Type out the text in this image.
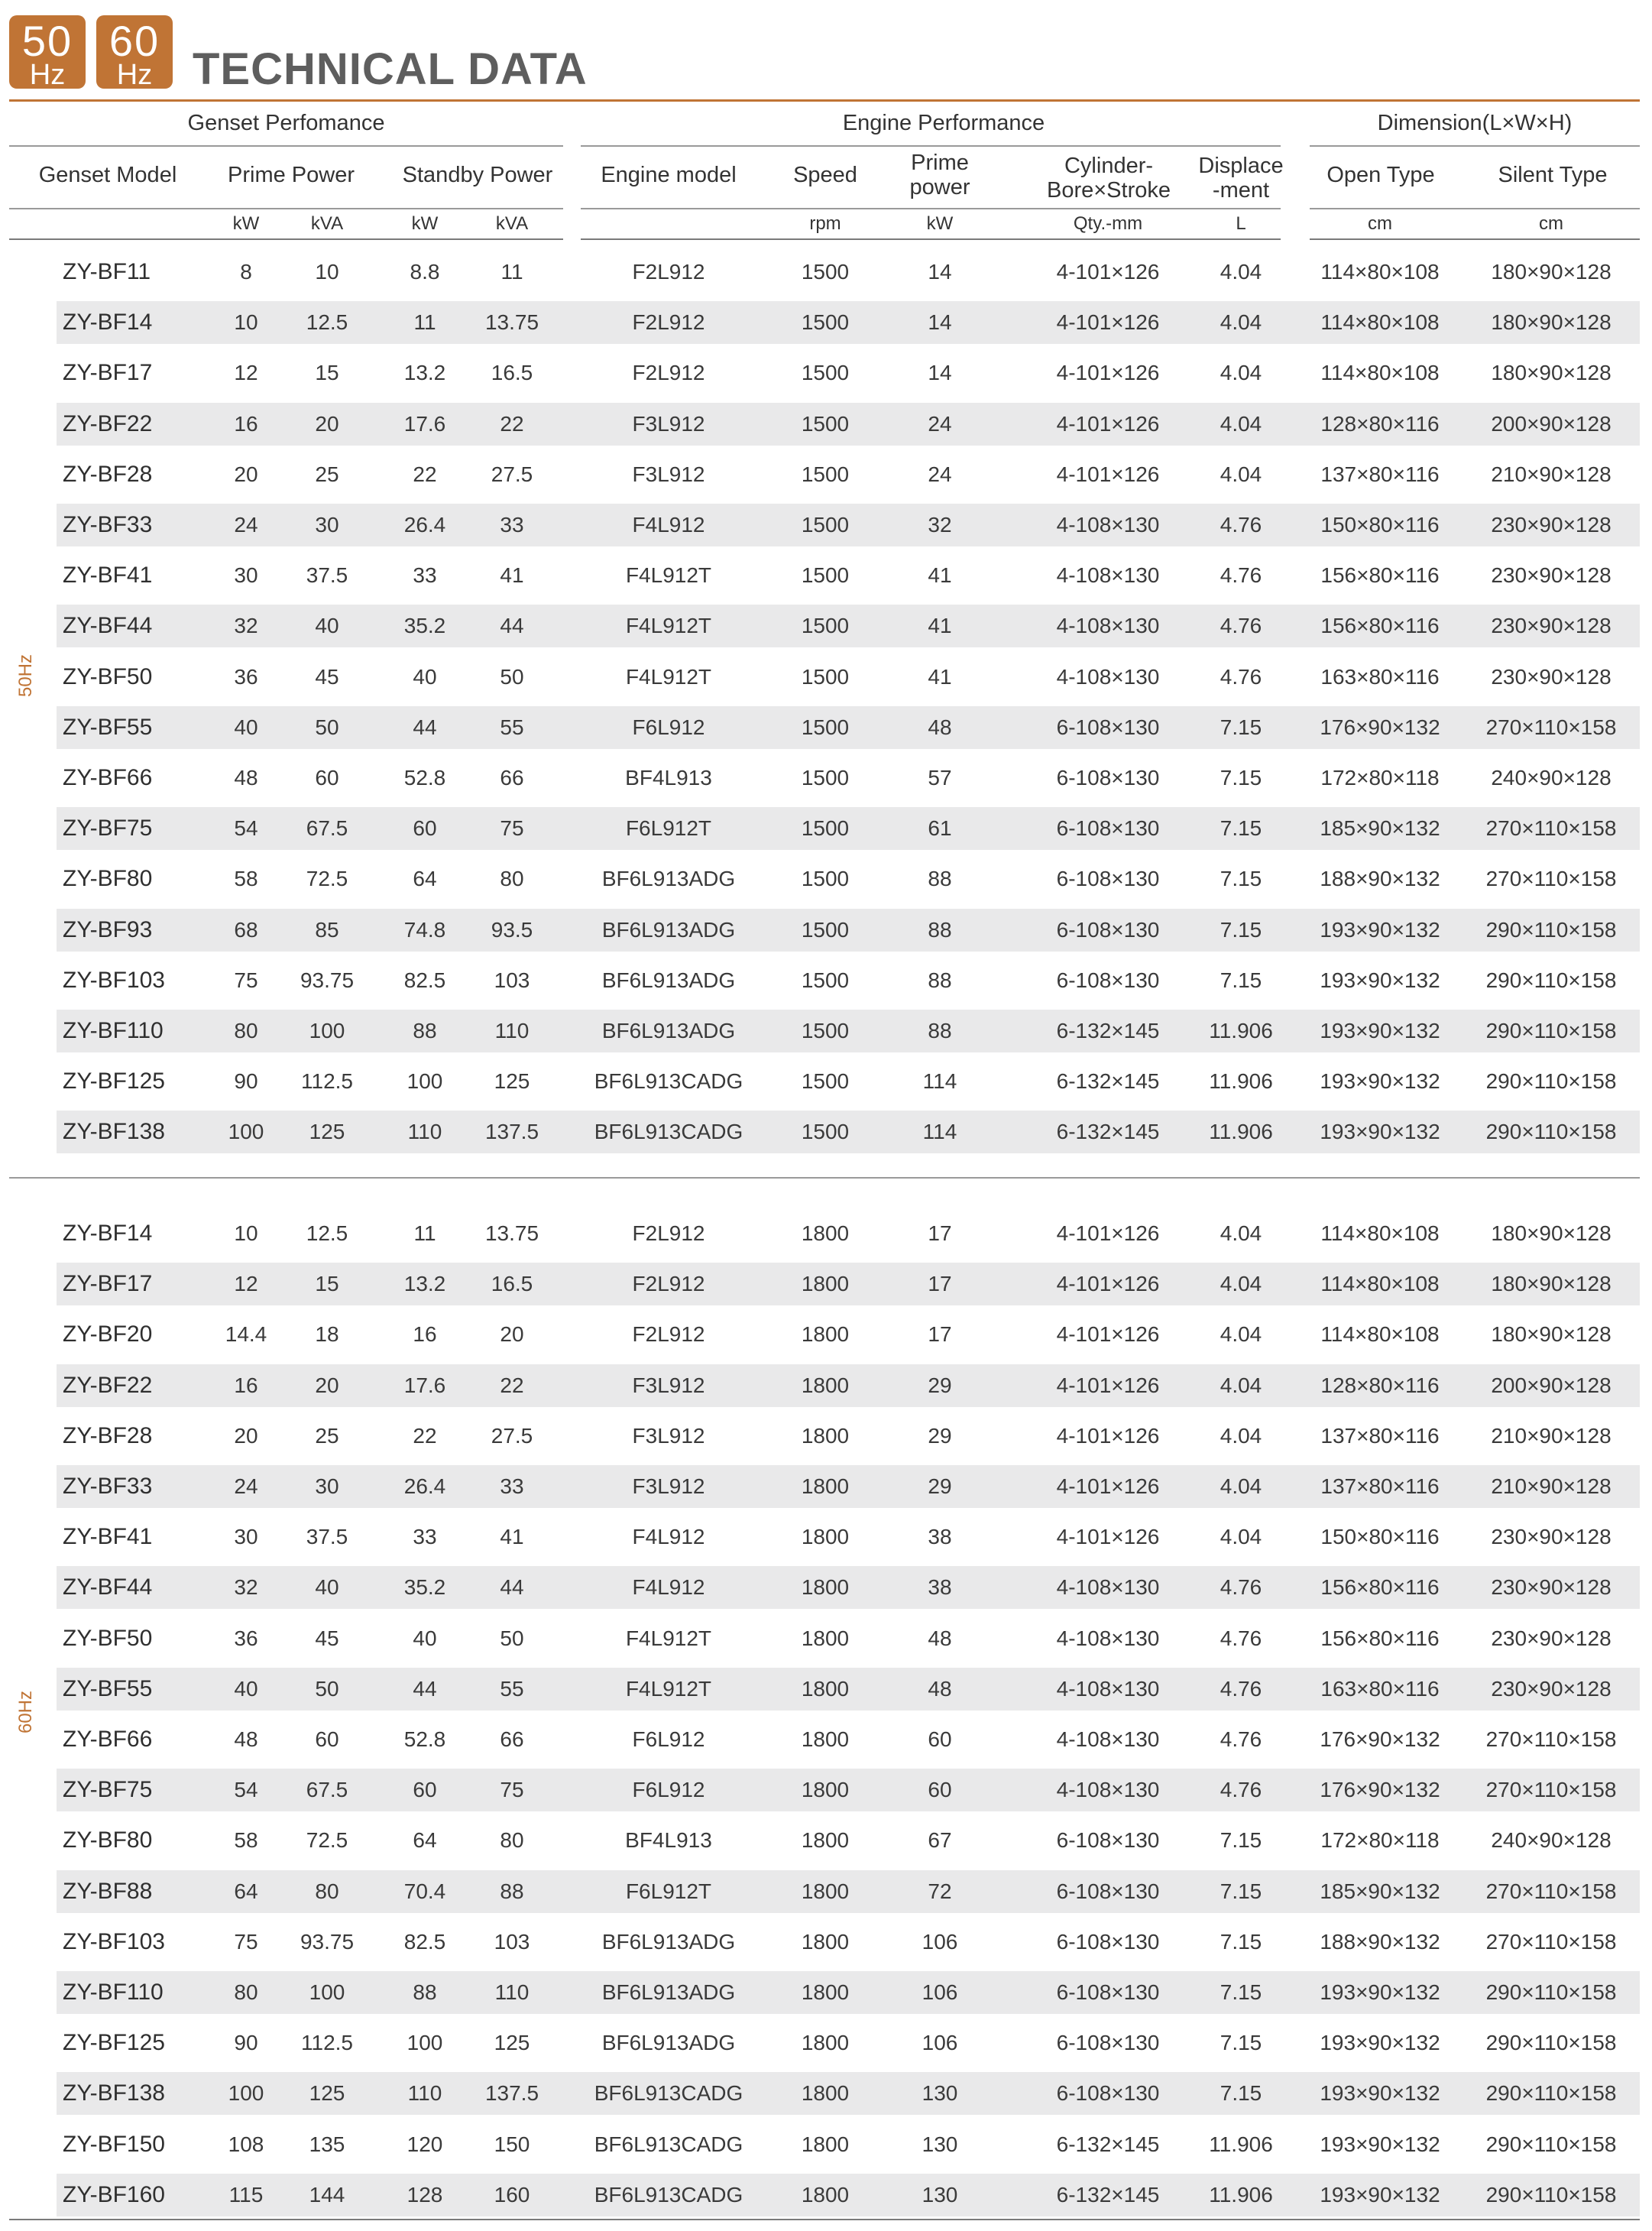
50
Hz
60
Hz TECHNICAL DATA
Genset Perfomance	Engine Performance	Dimension(L×W×H)
Genset Model	Prime Power	Standby Power	Engine model	Speed	Prime
power
Cylinder-
Bore×Stroke
Displace
-ment
Open Type	Silent Type
kW	kVA	kW	kVA	rpm	kW	Qty.-mm	L	cm	cm
ZY-BF11	8	10	8.8	11	F2L912	1500	14	4-101×126	4.04	114×80×108	180×90×128
ZY-BF14	10	12.5	11	13.75	F2L912	1500	14	4-101×126	4.04	114×80×108	180×90×128
ZY-BF17	12	15	13.2	16.5	F2L912	1500	14	4-101×126	4.04	114×80×108	180×90×128
ZY-BF22	16	20	17.6	22	F3L912	1500	24	4-101×126	4.04	128×80×116	200×90×128
ZY-BF28	20	25	22	27.5	F3L912	1500	24	4-101×126	4.04	137×80×116	210×90×128
ZY-BF33	24	30	26.4	33	F4L912	1500	32	4-108×130	4.76	150×80×116	230×90×128
ZY-BF41	30	37.5	33	41	F4L912T	1500	41	4-108×130	4.76	156×80×116	230×90×128
ZY-BF44	32	40	35.2	44	F4L912T	1500	41	4-108×130	4.76	156×80×116	230×90×128
ZY-BF50	36	45	40	50	F4L912T	1500	41	4-108×130	4.76	163×80×116	230×90×128
ZY-BF55	40	50	44	55	F6L912	1500	48	6-108×130	7.15	176×90×132	270×110×158
ZY-BF66	48	60	52.8	66	BF4L913	1500	57	6-108×130	7.15	172×80×118	240×90×128
ZY-BF75	54	67.5	60	75	F6L912T	1500	61	6-108×130	7.15	185×90×132	270×110×158
ZY-BF80	58	72.5	64	80	BF6L913ADG	1500	88	6-108×130	7.15	188×90×132	270×110×158
ZY-BF93	68	85	74.8	93.5	BF6L913ADG	1500	88	6-108×130	7.15	193×90×132	290×110×158
ZY-BF103	75	93.75	82.5	103	BF6L913ADG	1500	88	6-108×130	7.15	193×90×132	290×110×158
ZY-BF110	80	100	88	110	BF6L913ADG	1500	88	6-132×145	11.906	193×90×132	290×110×158
ZY-BF125	90	112.5	100	125	BF6L913CADG	1500	114	6-132×145	11.906	193×90×132	290×110×158
ZY-BF138	100	125	110	137.5	BF6L913CADG	1500	114	6-132×145	11.906	193×90×132	290×110×158
50Hz
ZY-BF14	10	12.5	11	13.75	F2L912	1800	17	4-101×126	4.04	114×80×108	180×90×128
ZY-BF17	12	15	13.2	16.5	F2L912	1800	17	4-101×126	4.04	114×80×108	180×90×128
ZY-BF20	14.4	18	16	20	F2L912	1800	17	4-101×126	4.04	114×80×108	180×90×128
ZY-BF22	16	20	17.6	22	F3L912	1800	29	4-101×126	4.04	128×80×116	200×90×128
ZY-BF28	20	25	22	27.5	F3L912	1800	29	4-101×126	4.04	137×80×116	210×90×128
ZY-BF33	24	30	26.4	33	F3L912	1800	29	4-101×126	4.04	137×80×116	210×90×128
ZY-BF41	30	37.5	33	41	F4L912	1800	38	4-101×126	4.04	150×80×116	230×90×128
ZY-BF44	32	40	35.2	44	F4L912	1800	38	4-108×130	4.76	156×80×116	230×90×128
ZY-BF50	36	45	40	50	F4L912T	1800	48	4-108×130	4.76	156×80×116	230×90×128
ZY-BF55	40	50	44	55	F4L912T	1800	48	4-108×130	4.76	163×80×116	230×90×128
ZY-BF66	48	60	52.8	66	F6L912	1800	60	4-108×130	4.76	176×90×132	270×110×158
ZY-BF75	54	67.5	60	75	F6L912	1800	60	4-108×130	4.76	176×90×132	270×110×158
ZY-BF80	58	72.5	64	80	BF4L913	1800	67	6-108×130	7.15	172×80×118	240×90×128
ZY-BF88	64	80	70.4	88	F6L912T	1800	72	6-108×130	7.15	185×90×132	270×110×158
ZY-BF103	75	93.75	82.5	103	BF6L913ADG	1800	106	6-108×130	7.15	188×90×132	270×110×158
ZY-BF110	80	100	88	110	BF6L913ADG	1800	106	6-108×130	7.15	193×90×132	290×110×158
ZY-BF125	90	112.5	100	125	BF6L913ADG	1800	106	6-108×130	7.15	193×90×132	290×110×158
ZY-BF138	100	125	110	137.5	BF6L913CADG	1800	130	6-108×130	7.15	193×90×132	290×110×158
ZY-BF150	108	135	120	150	BF6L913CADG	1800	130	6-132×145	11.906	193×90×132	290×110×158
ZY-BF160	115	144	128	160	BF6L913CADG	1800	130	6-132×145	11.906	193×90×132	290×110×158
60Hz
